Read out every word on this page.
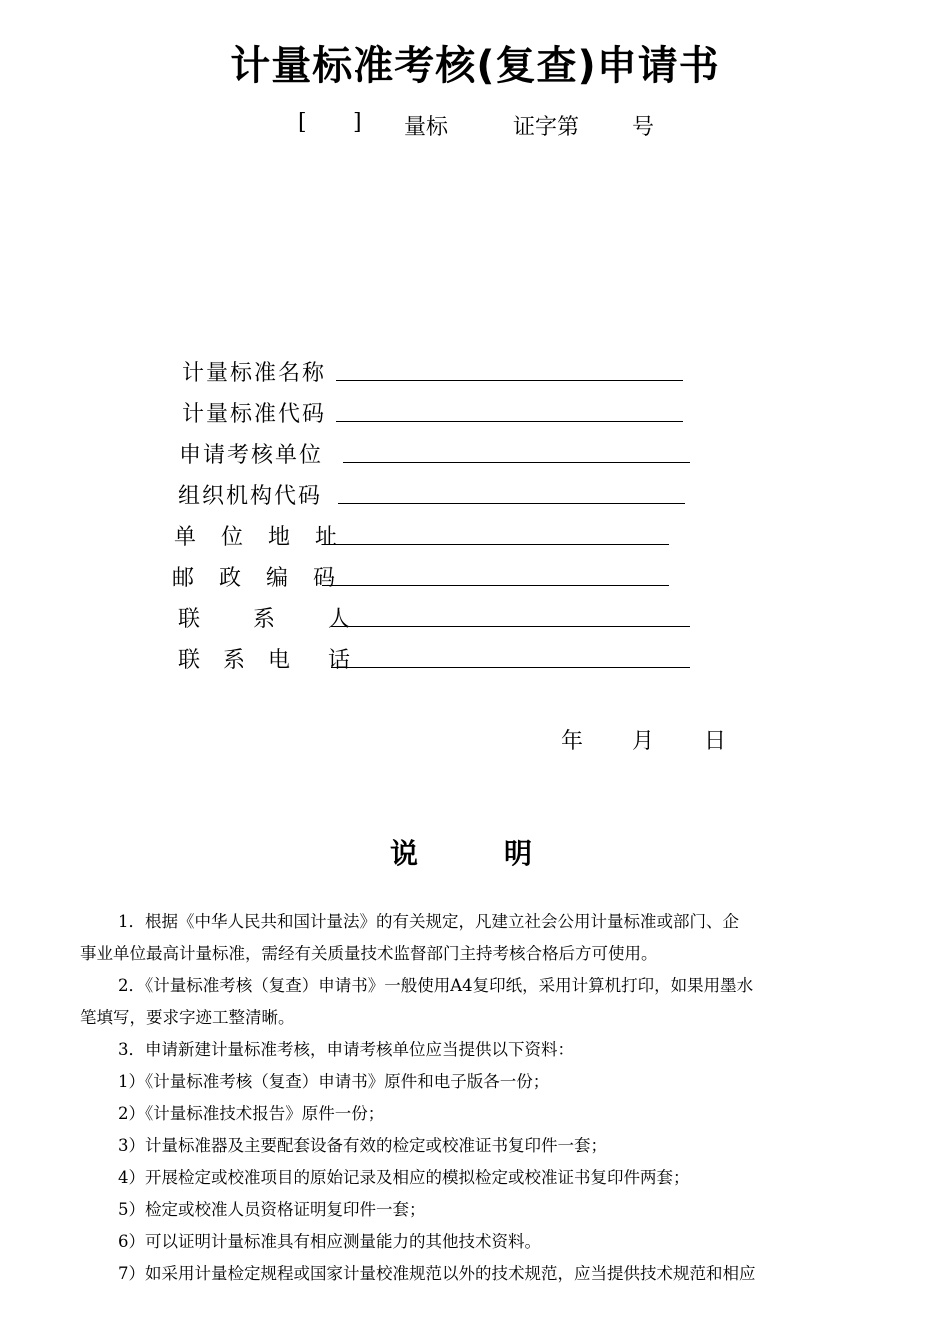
计量标准考核(复查)申请书
[ ] 量标	证字第 号
计量标准名称
计量标准代码
申请考核单位
组织机构代码
单 位 地 址
邮 政 编 码
联   系   人
联 系 电  话
年 月 日
说	明
1．根据《中华人民共和国计量法》的有关规定，凡建立社会公用计量标准或部门、企
事业单位最高计量标准，需经有关质量技术监督部门主持考核合格后方可使用。
2．《计量标准考核（复查）申请书》一般使用A4复印纸，采用计算机打印，如果用墨水
笔填写，要求字迹工整清晰。
3．申请新建计量标准考核，申请考核单位应当提供以下资料：
1）《计量标准考核（复查）申请书》原件和电子版各一份；
2）《计量标准技术报告》原件一份；
3）计量标准器及主要配套设备有效的检定或校准证书复印件一套；
4）开展检定或校准项目的原始记录及相应的模拟检定或校准证书复印件两套；
5）检定或校准人员资格证明复印件一套；
6）可以证明计量标准具有相应测量能力的其他技术资料。
7）如采用计量检定规程或国家计量校准规范以外的技术规范，应当提供技术规范和相应
